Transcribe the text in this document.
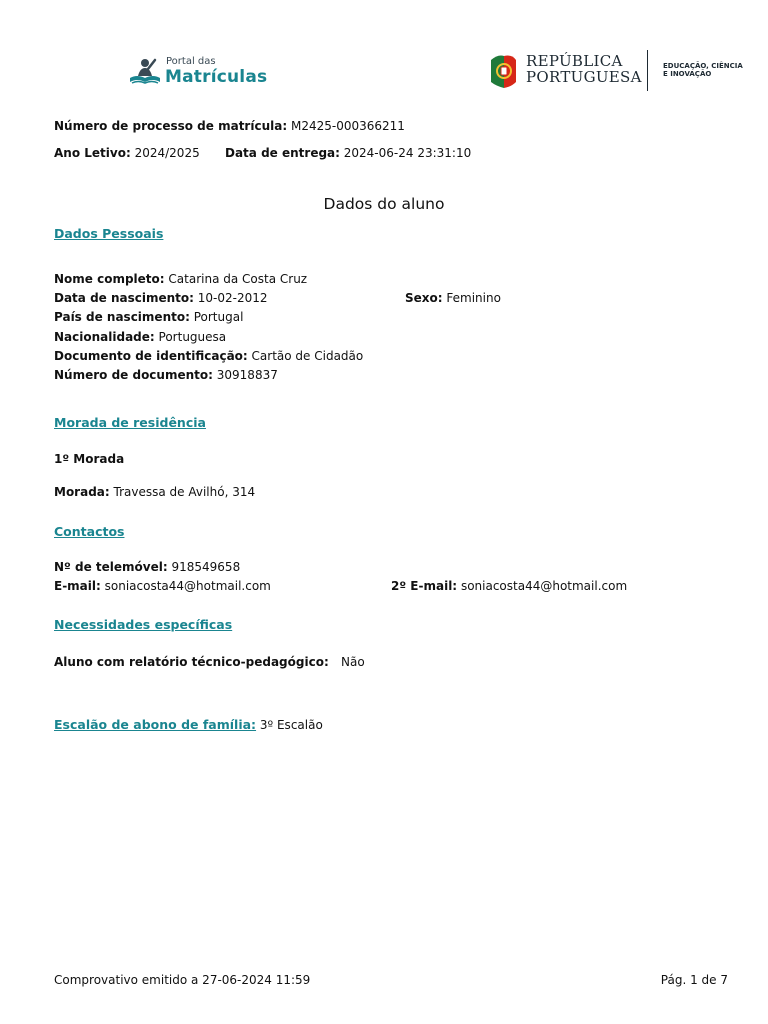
Portal das
Matrículas
REPÚBLICA
PORTUGUESA
EDUCAÇÃO, CIÊNCIA
E INOVAÇÃO
Número de processo de matrícula: M2425-000366211
Ano Letivo: 2024/2025 Data de entrega: 2024-06-24 23:31:10
Dados do aluno
Dados Pessoais
Nome completo: Catarina da Costa Cruz
Data de nascimento: 10-02-2012	Sexo: Feminino
País de nascimento: Portugal
Nacionalidade: Portuguesa
Documento de identificação: Cartão de Cidadão
Número de documento: 30918837
Morada de residência
1º Morada
Morada: Travessa de Avilhó, 314
Contactos
Nº de telemóvel: 918549658
E-mail: soniacosta44@hotmail.com	2º E-mail: soniacosta44@hotmail.com
Necessidades específicas
Aluno com relatório técnico-pedagógico: Não
Escalão de abono de família: 3º Escalão
Comprovativo emitido a 27-06-2024 11:59	Pág. 1 de 7
